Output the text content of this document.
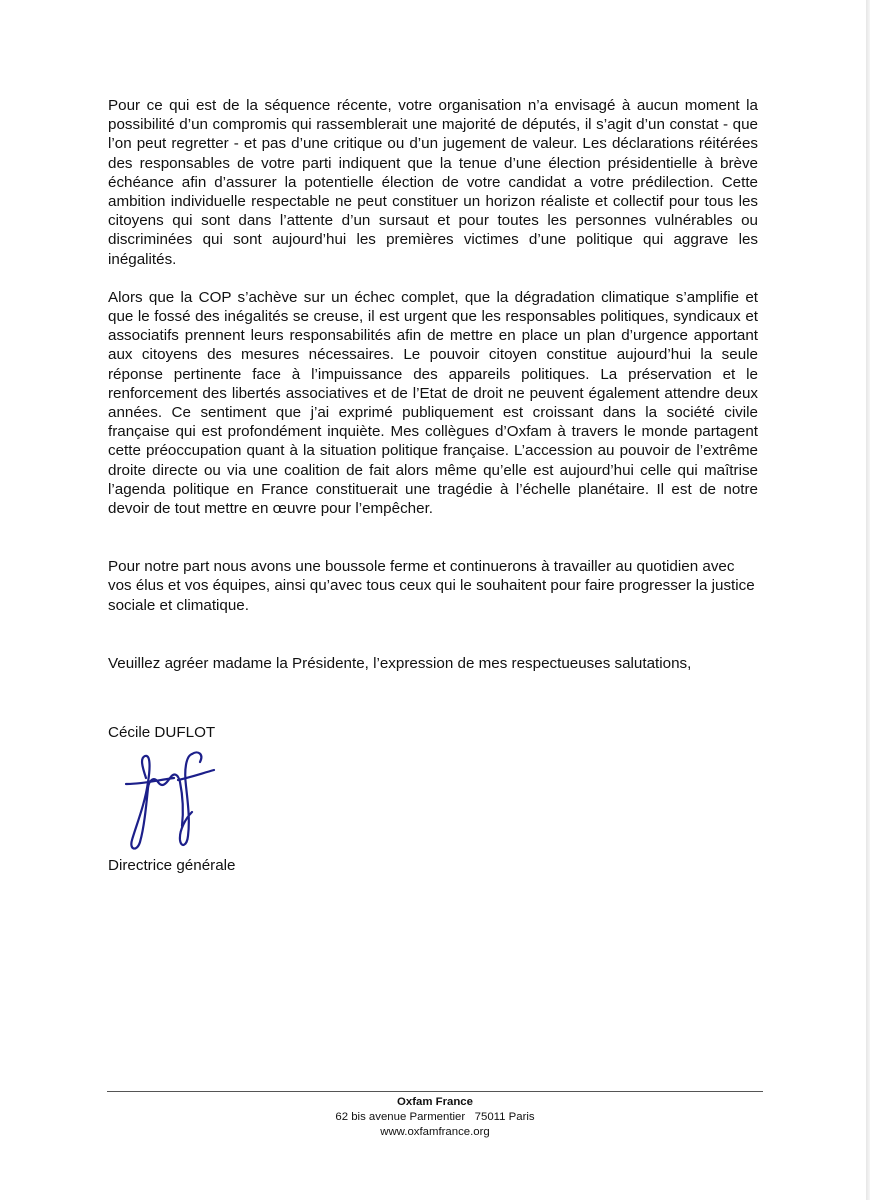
Pour ce qui est de la séquence récente, votre organisation n’a envisagé à aucun moment la possibilité d’un compromis qui rassemblerait une majorité de députés, il s’agit d’un constat - que l’on peut regretter - et pas d’une critique ou d’un jugement de valeur. Les déclarations réitérées des responsables de votre parti indiquent que la tenue d’une élection présidentielle à brève échéance afin d’assurer la potentielle élection de votre candidat a votre prédilection. Cette ambition individuelle respectable ne peut constituer un horizon réaliste et collectif pour tous les citoyens qui sont dans l’attente d’un sursaut et pour toutes les personnes vulnérables ou discriminées qui sont aujourd’hui les premières victimes d’une politique qui aggrave les inégalités.

Alors que la COP s’achève sur un échec complet, que la dégradation climatique s’amplifie et que le fossé des inégalités se creuse, il est urgent que les responsables politiques, syndicaux et associatifs prennent leurs responsabilités afin de mettre en place un plan d’urgence apportant aux citoyens des mesures nécessaires. Le pouvoir citoyen constitue aujourd’hui la seule réponse pertinente face à l’impuissance des appareils politiques. La préservation et le renforcement des libertés associatives et de l’Etat de droit ne peuvent également attendre deux années. Ce sentiment que j’ai exprimé publiquement est croissant dans la société civile française qui est profondément inquiète. Mes collègues d’Oxfam à travers le monde partagent cette préoccupation quant à la situation politique française. L’accession au pouvoir de l’extrême droite directe ou via une coalition de fait alors même qu’elle est aujourd’hui celle qui maîtrise l’agenda politique en France constituerait une tragédie à l’échelle planétaire. Il est de notre devoir de tout mettre en œuvre pour l’empêcher.

Pour notre part nous avons une boussole ferme et continuerons à travailler au quotidien avec vos élus et vos équipes, ainsi qu’avec tous ceux qui le souhaitent pour faire progresser la justice sociale et climatique.

Veuillez agréer madame la Présidente, l’expression de mes respectueuses salutations,

Cécile DUFLOT

Directrice générale

Oxfam France
62 bis avenue Parmentier   75011 Paris
www.oxfamfrance.org
